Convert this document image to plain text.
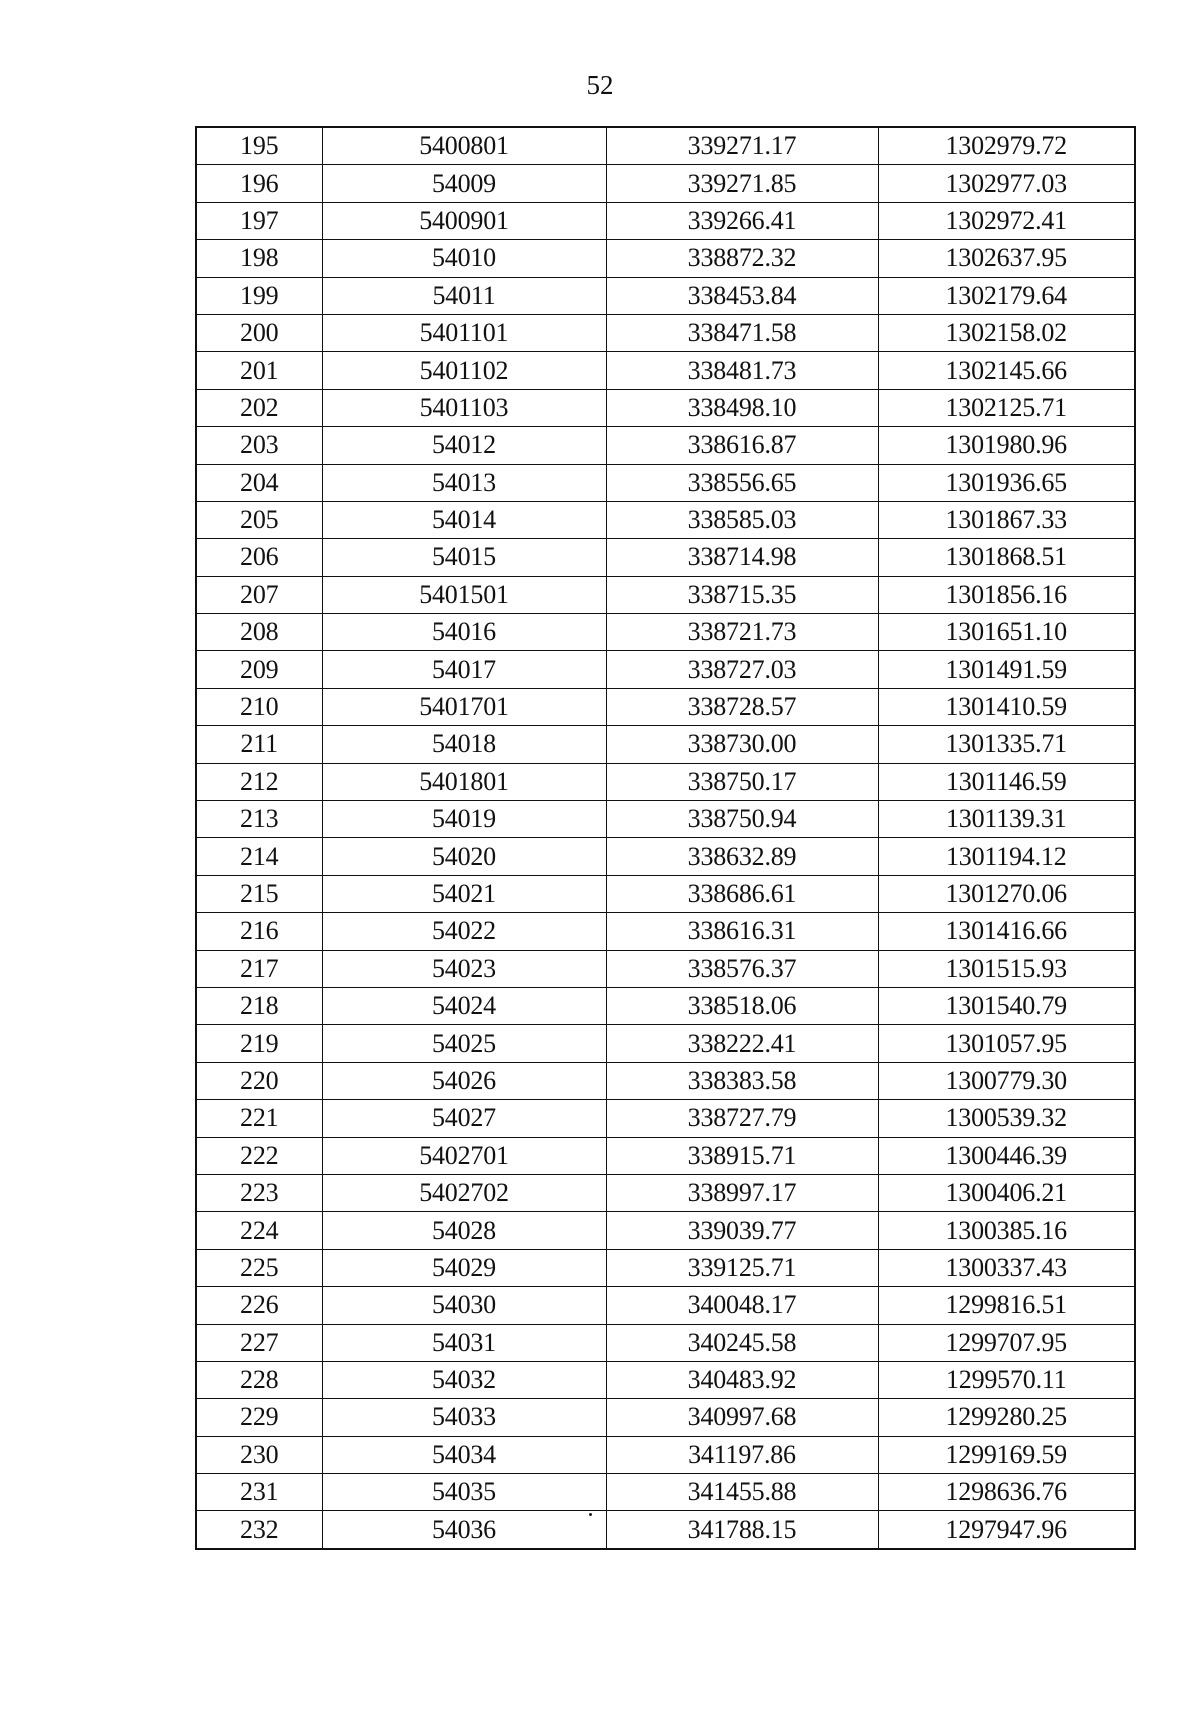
52
195	5400801	339271.17	1302979.72
196	54009	339271.85	1302977.03
197	5400901	339266.41	1302972.41
198	54010	338872.32	1302637.95
199	54011	338453.84	1302179.64
200	5401101	338471.58	1302158.02
201	5401102	338481.73	1302145.66
202	5401103	338498.10	1302125.71
203	54012	338616.87	1301980.96
204	54013	338556.65	1301936.65
205	54014	338585.03	1301867.33
206	54015	338714.98	1301868.51
207	5401501	338715.35	1301856.16
208	54016	338721.73	1301651.10
209	54017	338727.03	1301491.59
210	5401701	338728.57	1301410.59
211	54018	338730.00	1301335.71
212	5401801	338750.17	1301146.59
213	54019	338750.94	1301139.31
214	54020	338632.89	1301194.12
215	54021	338686.61	1301270.06
216	54022	338616.31	1301416.66
217	54023	338576.37	1301515.93
218	54024	338518.06	1301540.79
219	54025	338222.41	1301057.95
220	54026	338383.58	1300779.30
221	54027	338727.79	1300539.32
222	5402701	338915.71	1300446.39
223	5402702	338997.17	1300406.21
224	54028	339039.77	1300385.16
225	54029	339125.71	1300337.43
226	54030	340048.17	1299816.51
227	54031	340245.58	1299707.95
228	54032	340483.92	1299570.11
229	54033	340997.68	1299280.25
230	54034	341197.86	1299169.59
231	54035	341455.88	1298636.76
232	54036	341788.15	1297947.96
